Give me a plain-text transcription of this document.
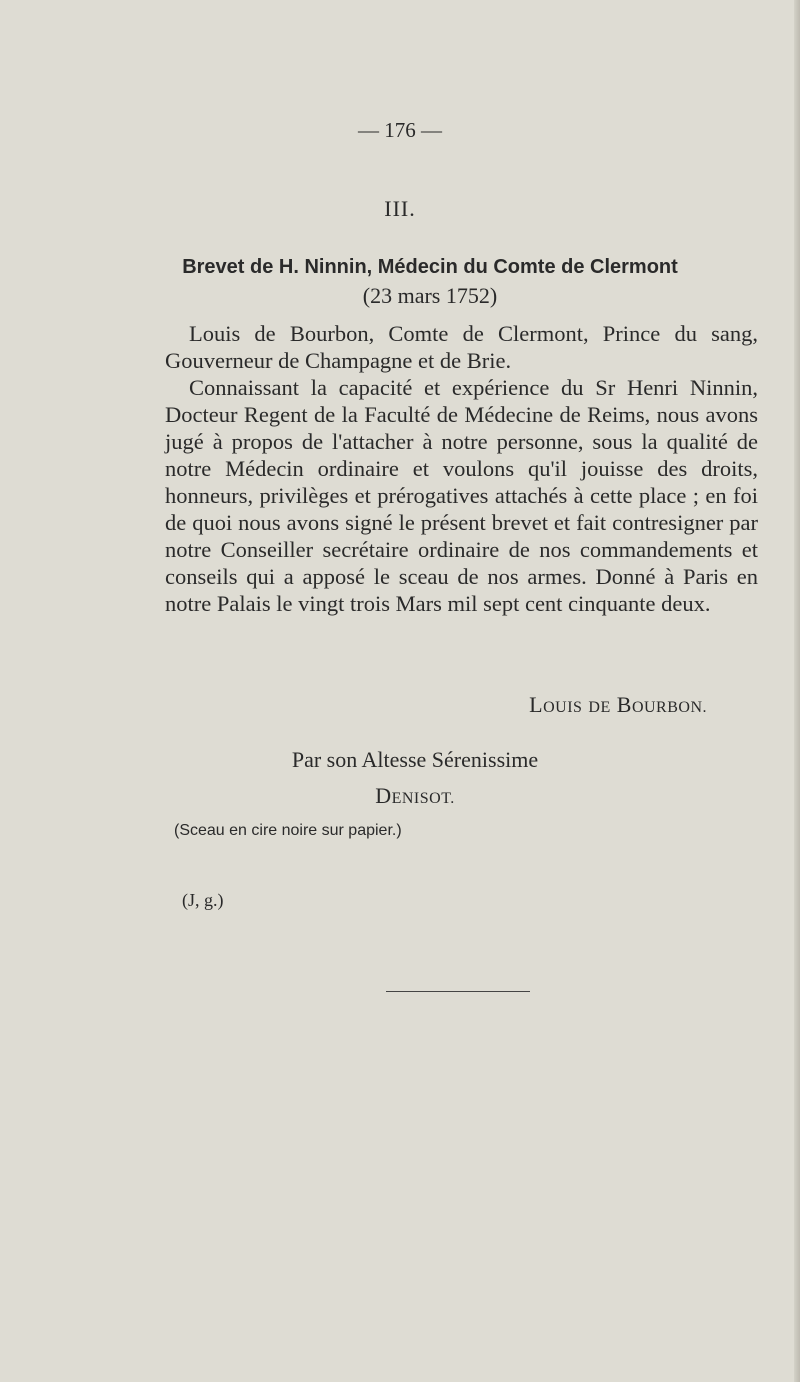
— 176 —
III.
Brevet de H. Ninnin, Médecin du Comte de Clermont
(23 mars 1752)

Louis de Bourbon, Comte de Clermont, Prince du sang, Gouverneur de Champagne et de Brie.

Connaissant la capacité et expérience du Sr Henri Ninnin, Docteur Regent de la Faculté de Médecine de Reims, nous avons jugé à propos de l'attacher à notre personne, sous la qualité de notre Médecin ordinaire et voulons qu'il jouisse des droits, honneurs, privilèges et prérogatives attachés à cette place ; en foi de quoi nous avons signé le présent brevet et fait contresigner par notre Conseiller secrétaire ordinaire de nos commandements et conseils qui a apposé le sceau de nos armes. Donné à Paris en notre Palais le vingt trois Mars mil sept cent cinquante deux.

LOUIS DE BOURBON.
Par son Altesse Sérenissime
DENISOT.
(Sceau en cire noire sur papier.)
(J, g.)
